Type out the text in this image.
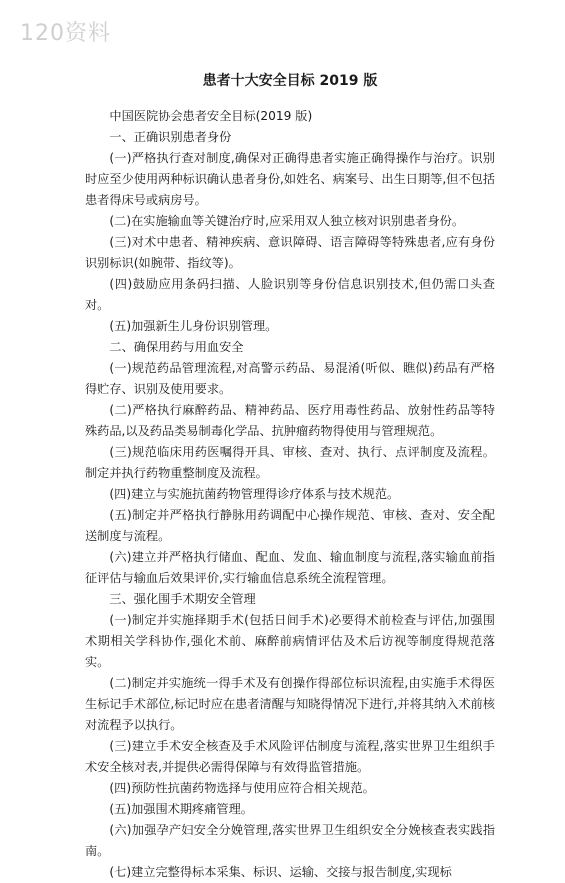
120资料
患者十大安全目标 2019 版

中国医院协会患者安全目标(2019 版)

一、正确识别患者身份

(一)严格执行查对制度,确保对正确得患者实施正确得操作与治疗。识别时应至少使用两种标识确认患者身份,如姓名、病案号、出生日期等,但不包括患者得床号或病房号。

(二)在实施输血等关键治疗时,应采用双人独立核对识别患者身份。

(三)对术中患者、精神疾病、意识障碍、语言障碍等特殊患者,应有身份识别标识(如腕带、指纹等)。

(四)鼓励应用条码扫描、人脸识别等身份信息识别技术,但仍需口头查对。

(五)加强新生儿身份识别管理。

二、确保用药与用血安全

(一)规范药品管理流程,对高警示药品、易混淆(听似、瞧似)药品有严格得贮存、识别及使用要求。

(二)严格执行麻醉药品、精神药品、医疗用毒性药品、放射性药品等特殊药品,以及药品类易制毒化学品、抗肿瘤药物得使用与管理规范。

(三)规范临床用药医嘱得开具、审核、查对、执行、点评制度及流程。制定并执行药物重整制度及流程。

(四)建立与实施抗菌药物管理得诊疗体系与技术规范。

(五)制定并严格执行静脉用药调配中心操作规范、审核、查对、安全配送制度与流程。

(六)建立并严格执行储血、配血、发血、输血制度与流程,落实输血前指征评估与输血后效果评价,实行输血信息系统全流程管理。

三、强化围手术期安全管理

(一)制定并实施择期手术(包括日间手术)必要得术前检查与评估,加强围术期相关学科协作,强化术前、麻醉前病情评估及术后访视等制度得规范落实。

(二)制定并实施统一得手术及有创操作得部位标识流程,由实施手术得医生标记手术部位,标记时应在患者清醒与知晓得情况下进行,并将其纳入术前核对流程予以执行。

(三)建立手术安全核查及手术风险评估制度与流程,落实世界卫生组织手术安全核对表,并提供必需得保障与有效得监管措施。

(四)预防性抗菌药物选择与使用应符合相关规范。

(五)加强围术期疼痛管理。

(六)加强孕产妇安全分娩管理,落实世界卫生组织安全分娩核查表实践指南。

(七)建立完整得标本采集、标识、运输、交接与报告制度,实现标
